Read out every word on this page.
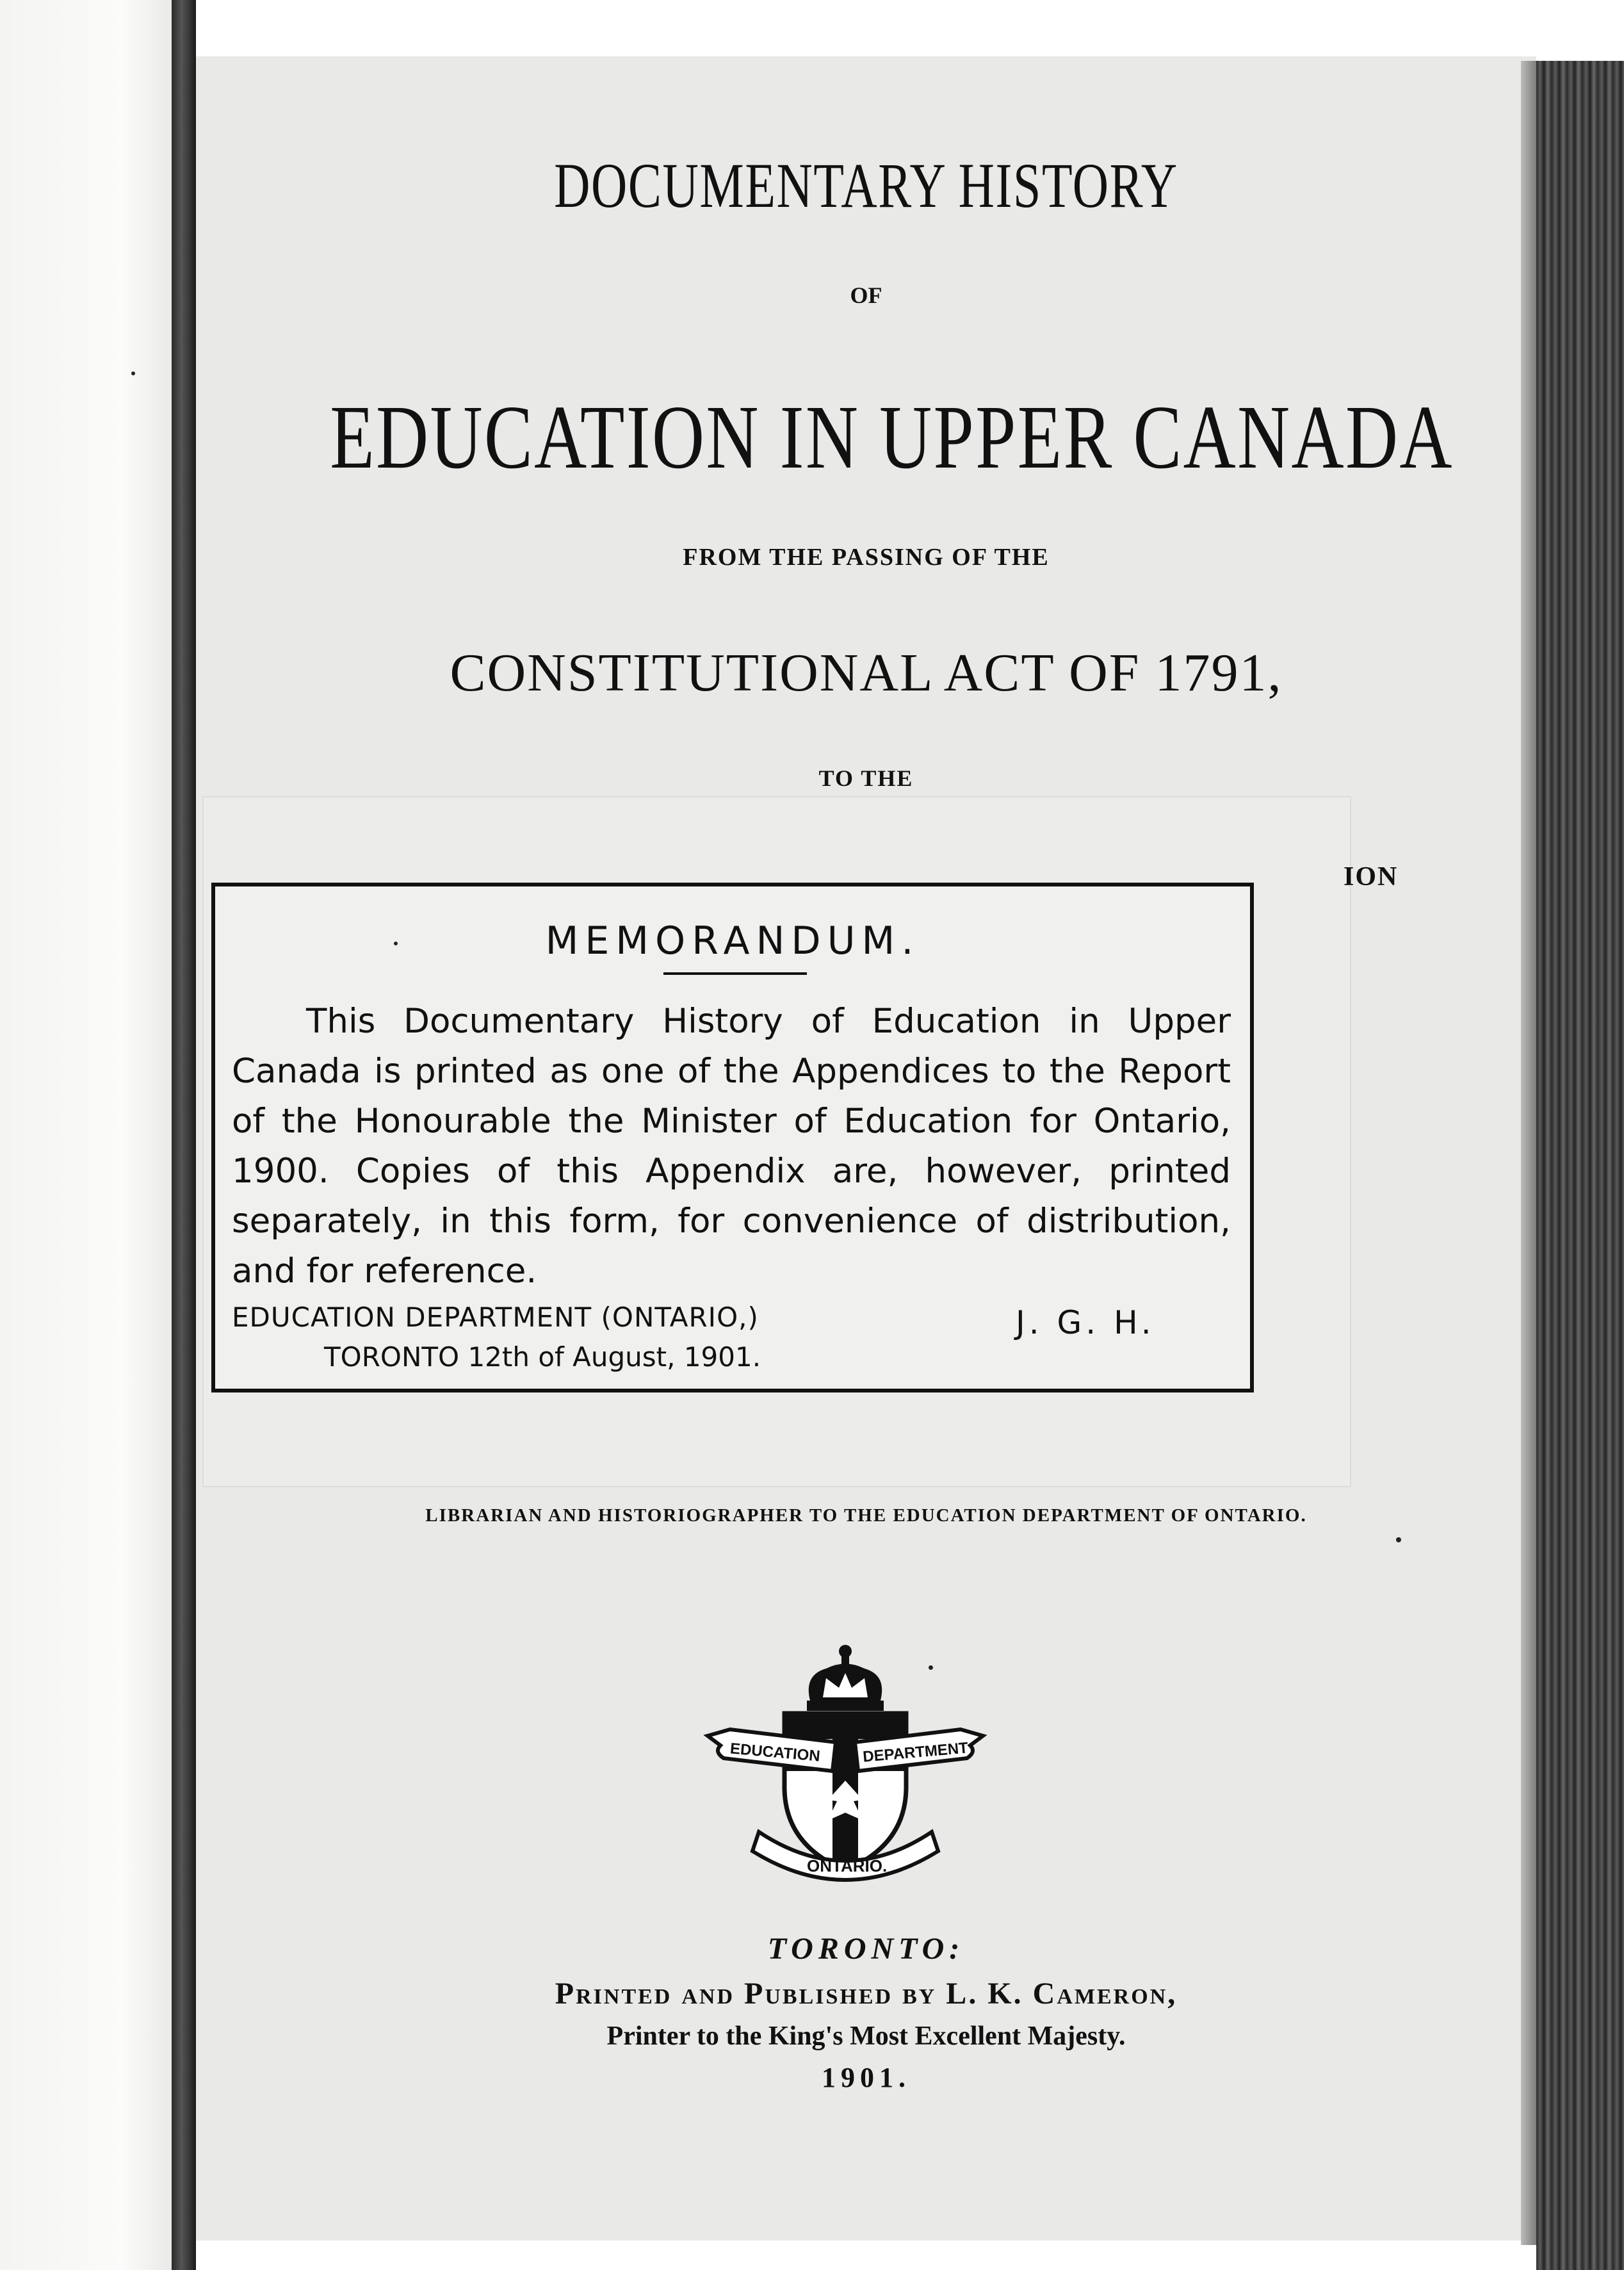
DOCUMENTARY HISTORY

OF

EDUCATION IN UPPER CANADA

FROM THE PASSING OF THE

CONSTITUTIONAL ACT OF 1791,

TO THE

ION
MEMORANDUM.
This Documentary History of Education in Upper Canada is printed as one of the Appendices to the Report of the Honourable the Minister of Education for Ontario, 1900. Copies of this Appendix are, however, printed separately, in this form, for convenience of distribution, and for reference.
EDUCATION DEPARTMENT (ONTARIO,)
TORONTO 12th of August, 1901.
J. G. H.
LIBRARIAN AND HISTORIOGRAPHER TO THE EDUCATION DEPARTMENT OF ONTARIO.
EDUCATION	DEPARTMENT
ONTARIO.
TORONTO:
Printed and Published by L. K. Cameron,
Printer to the King's Most Excellent Majesty.
1901.
